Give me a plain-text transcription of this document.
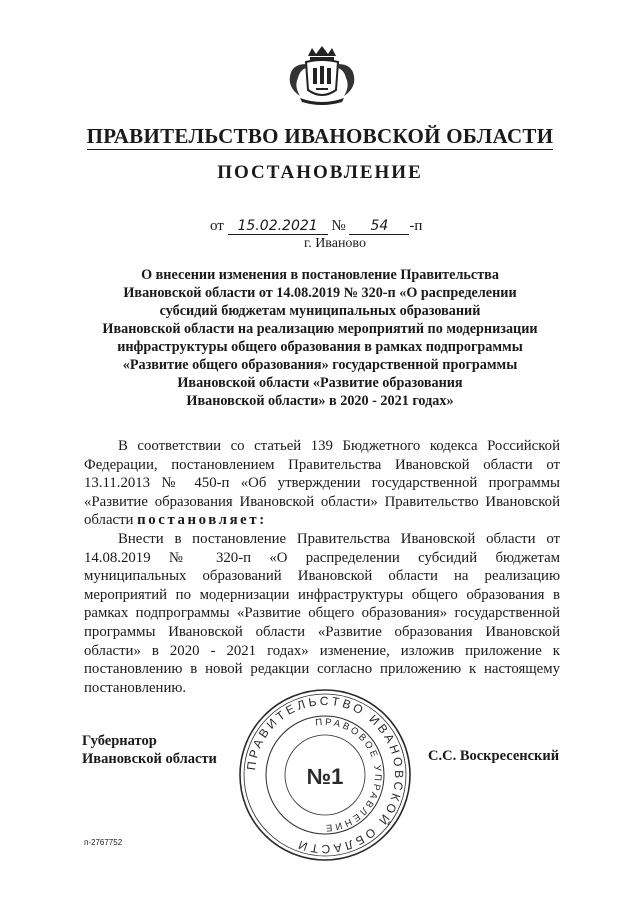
ПРАВИТЕЛЬСТВО ИВАНОВСКОЙ ОБЛАСТИ
ПОСТАНОВЛЕНИЕ
от 15.02.2021 № 54 -п
г. Иваново
О внесении изменения в постановление Правительства
Ивановской области от 14.08.2019 № 320-п «О распределении
субсидий бюджетам муниципальных образований
Ивановской области на реализацию мероприятий по модернизации
инфраструктуры общего образования в рамках подпрограммы
«Развитие общего образования» государственной программы
Ивановской области «Развитие образования
Ивановской области» в 2020 - 2021 годах»

В соответствии со статьей 139 Бюджетного кодекса Российской Федерации, постановлением Правительства Ивановской области от 13.11.2013 № 450-п «Об утверждении государственной программы «Развитие образования Ивановской области» Правительство Ивановской области постановляет:

Внести в постановление Правительства Ивановской области от 14.08.2019 № 320-п «О распределении субсидий бюджетам муниципальных образований Ивановской области на реализацию мероприятий по модернизации инфраструктуры общего образования в рамках подпрограммы «Развитие общего образования» государственной программы Ивановской области «Развитие образования Ивановской области» в 2020 - 2021 годах» изменение, изложив приложение к постановлению в новой редакции согласно приложению к настоящему постановлению.

Губернатор
Ивановской области ПРАВИТЕЛЬСТВО ИВАНОВСКОЙ ОБЛАСТИ
ПРАВОВОЕ УПРАВЛЕНИЕ
№1
С.С. Воскресенский
п-2767752
